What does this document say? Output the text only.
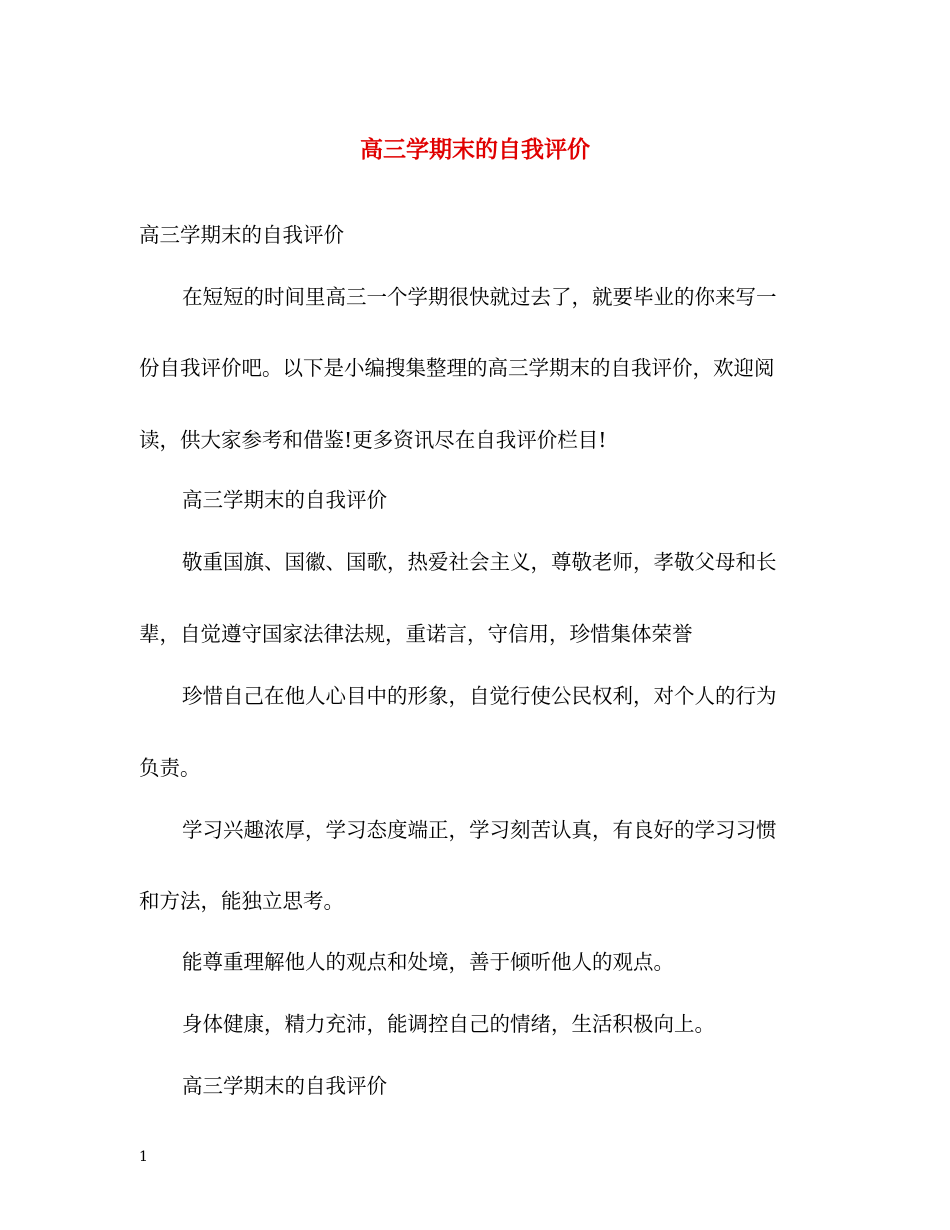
高三学期末的自我评价
高三学期末的自我评价
在短短的时间里高三一个学期很快就过去了，就要毕业的你来写一
份自我评价吧。以下是小编搜集整理的高三学期末的自我评价，欢迎阅
读，供大家参考和借鉴!更多资讯尽在自我评价栏目!
高三学期末的自我评价
敬重国旗、国徽、国歌，热爱社会主义，尊敬老师，孝敬父母和长
辈，自觉遵守国家法律法规，重诺言，守信用，珍惜集体荣誉
珍惜自己在他人心目中的形象，自觉行使公民权利，对个人的行为
负责。
学习兴趣浓厚，学习态度端正，学习刻苦认真，有良好的学习习惯
和方法，能独立思考。
能尊重理解他人的观点和处境，善于倾听他人的观点。
身体健康，精力充沛，能调控自己的情绪，生活积极向上。
高三学期末的自我评价
1
